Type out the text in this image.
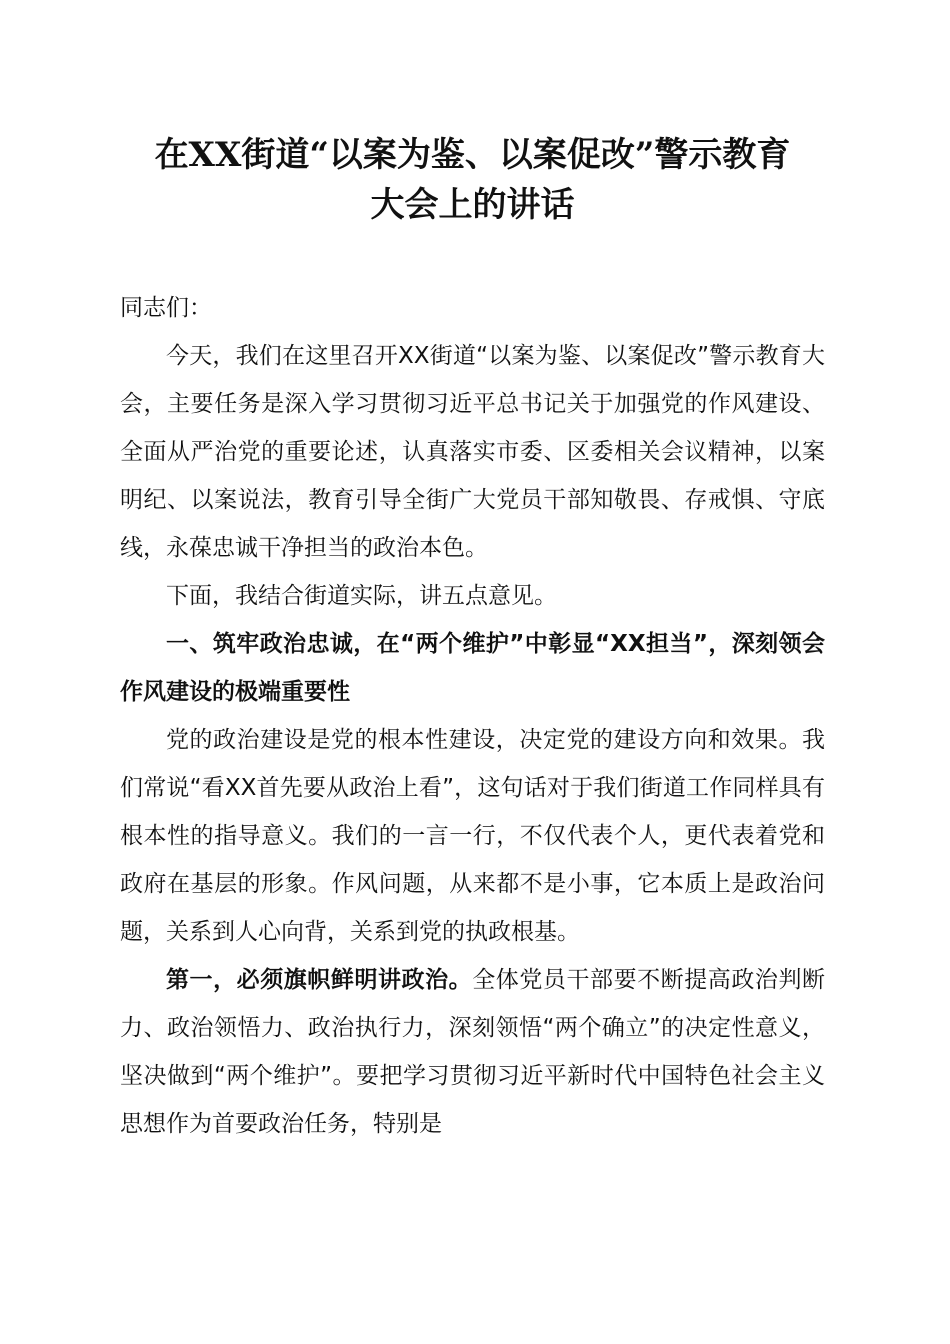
在XX街道“以案为鉴、以案促改”警示教育
大会上的讲话

同志们：

今天，我们在这里召开XX街道“以案为鉴、以案促改”警示教育大会，主要任务是深入学习贯彻习近平总书记关于加强党的作风建设、全面从严治党的重要论述，认真落实市委、区委相关会议精神，以案明纪、以案说法，教育引导全街广大党员干部知敬畏、存戒惧、守底线，永葆忠诚干净担当的政治本色。

下面，我结合街道实际，讲五点意见。

一、筑牢政治忠诚，在“两个维护”中彰显“XX担当”，深刻领会作风建设的极端重要性

党的政治建设是党的根本性建设，决定党的建设方向和效果。我们常说“看XX首先要从政治上看”，这句话对于我们街道工作同样具有根本性的指导意义。我们的一言一行，不仅代表个人，更代表着党和政府在基层的形象。作风问题，从来都不是小事，它本质上是政治问题，关系到人心向背，关系到党的执政根基。

第一，必须旗帜鲜明讲政治。全体党员干部要不断提高政治判断力、政治领悟力、政治执行力，深刻领悟“两个确立”的决定性意义，坚决做到“两个维护”。要把学习贯彻习近平新时代中国特色社会主义思想作为首要政治任务，特别是
